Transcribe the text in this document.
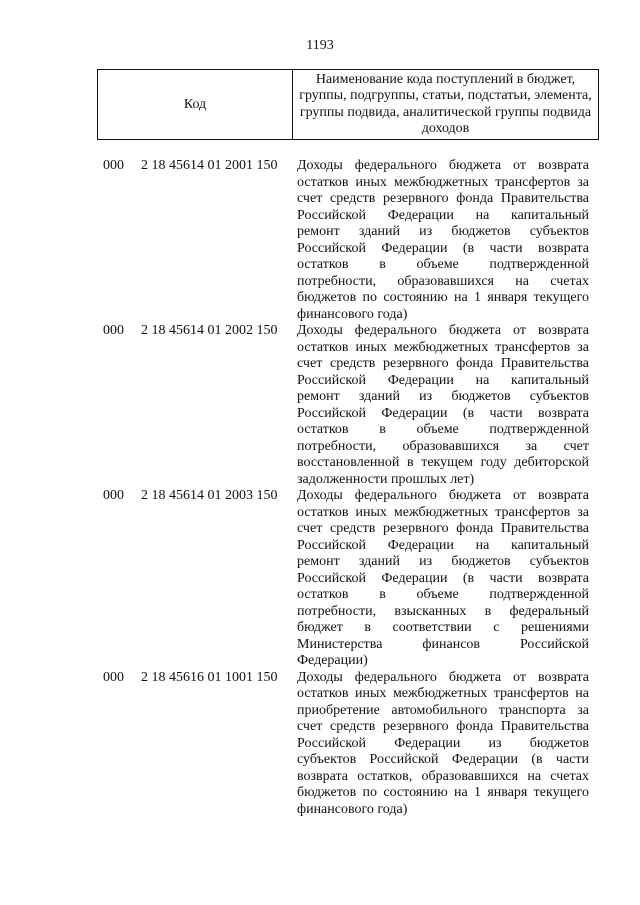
1193
Код
Наименование кода поступлений в бюджет, группы, подгруппы, статьи, подстатьи, элемента, группы подвида, аналитической группы подвида доходов
000 2 18 45614 01 2001 150 Доходы федерального бюджета от возврата
остатков иных межбюджетных трансфертов за
счет средств резервного фонда Правительства
Российской Федерации на капитальный
ремонт зданий из бюджетов субъектов
Российской Федерации (в части возврата
остатков в объеме подтвержденной
потребности, образовавшихся на счетах
бюджетов по состоянию на 1 января текущего
финансового года)
000 2 18 45614 01 2002 150 Доходы федерального бюджета от возврата
остатков иных межбюджетных трансфертов за
счет средств резервного фонда Правительства
Российской Федерации на капитальный
ремонт зданий из бюджетов субъектов
Российской Федерации (в части возврата
остатков в объеме подтвержденной
потребности, образовавшихся за счет
восстановленной в текущем году дебиторской
задолженности прошлых лет)
000 2 18 45614 01 2003 150 Доходы федерального бюджета от возврата
остатков иных межбюджетных трансфертов за
счет средств резервного фонда Правительства
Российской Федерации на капитальный
ремонт зданий из бюджетов субъектов
Российской Федерации (в части возврата
остатков в объеме подтвержденной
потребности, взысканных в федеральный
бюджет в соответствии с решениями
Министерства финансов Российской
Федерации)
000 2 18 45616 01 1001 150 Доходы федерального бюджета от возврата
остатков иных межбюджетных трансфертов на
приобретение автомобильного транспорта за
счет средств резервного фонда Правительства
Российской Федерации из бюджетов
субъектов Российской Федерации (в части
возврата остатков, образовавшихся на счетах
бюджетов по состоянию на 1 января текущего
финансового года)
